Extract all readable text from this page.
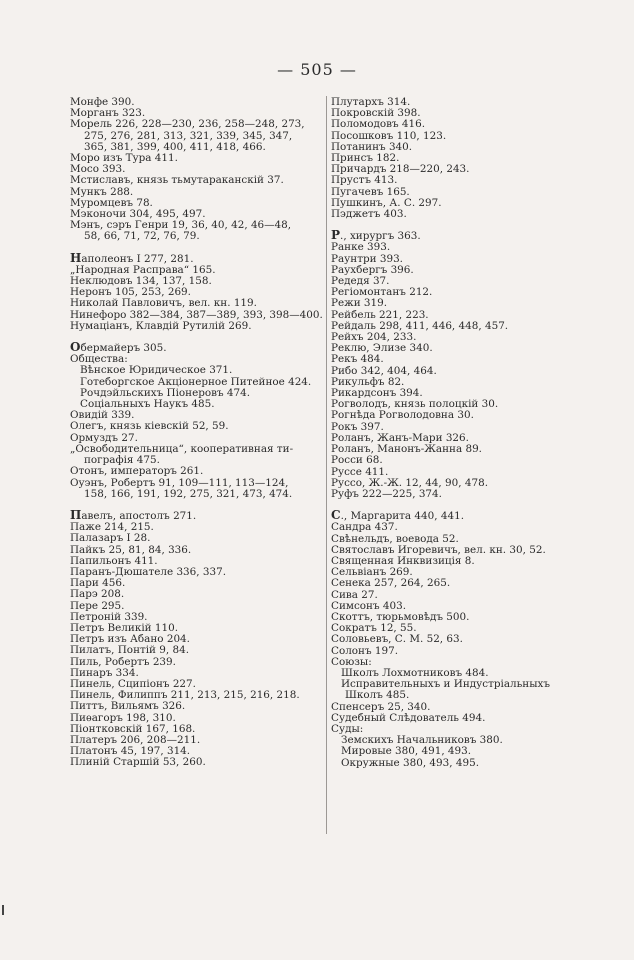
— 505 —
Монфе 390.
Морганъ 323.
Морель 226, 228—230, 236, 258—248, 273,
275, 276, 281, 313, 321, 339, 345, 347,
365, 381, 399, 400, 411, 418, 466.
Моро изъ Тура 411.
Мосо 393.
Мстиславъ, князь тьмутараканскій 37.
Мункъ 288.
Муромцевъ 78.
Мэконочи 304, 495, 497.
Мэнъ, сэръ Генри 19, 36, 40, 42, 46—48,
58, 66, 71, 72, 76, 79.
Наполеонъ I 277, 281.
„Народная Расправа“ 165.
Неклюдовъ 134, 137, 158.
Неронъ 105, 253, 269.
Николай Павловичъ, вел. кн. 119.
Нинефоро 382—384, 387—389, 393, 398—400.
Нумаціанъ, Клавдій Рутилій 269.
Обермайеръ 305.
Общества:
Вѣнское Юридическое 371.
Готеборгское Акціонерное Питейное 424.
Рочдэйльскихъ Піонеровъ 474.
Соціальныхъ Наукъ 485.
Овидій 339.
Олегъ, князь кіевскій 52, 59.
Ормуздъ 27.
„Освободительница“, кооперативная ти-
пографія 475.
Отонъ, императоръ 261.
Оуэнъ, Робертъ 91, 109—111, 113—124,
158, 166, 191, 192, 275, 321, 473, 474.
Павелъ, апостолъ 271.
Паже 214, 215.
Палазаръ I 28.
Пайкъ 25, 81, 84, 336.
Папильонъ 411.
Паранъ-Дюшателе 336, 337.
Пари 456.
Парэ 208.
Пере 295.
Петроній 339.
Петръ Великій 110.
Петръ изъ Абано 204.
Пилатъ, Понтій 9, 84.
Пиль, Робертъ 239.
Пинаръ 334.
Пинель, Сципіонъ 227.
Пинель, Филиппъ 211, 213, 215, 216, 218.
Питтъ, Вильямъ 326.
Пиѳагоръ 198, 310.
Піонтковскій 167, 168.
Платеръ 206, 208—211.
Платонъ 45, 197, 314.
Плиній Старшій 53, 260.
Плутархъ 314.
Покровскій 398.
Поломодовъ 416.
Посошковъ 110, 123.
Потанинъ 340.
Принсъ 182.
Причардъ 218—220, 243.
Прустъ 413.
Пугачевъ 165.
Пушкинъ, А. С. 297.
Пэджетъ 403.
Р., хирургъ 363.
Ранке 393.
Раунтри 393.
Раухбергъ 396.
Редедя 37.
Регіомонтанъ 212.
Режи 319.
Рейбель 221, 223.
Рейдаль 298, 411, 446, 448, 457.
Рейхъ 204, 233.
Реклю, Элизе 340.
Рекъ 484.
Рибо 342, 404, 464.
Рикульфъ 82.
Рикардсонъ 394.
Рогволодъ, князь полоцкій 30.
Рогнѣда Рогволодовна 30.
Рокъ 397.
Роланъ, Жанъ-Мари 326.
Роланъ, Манонъ-Жанна 89.
Росси 68.
Руссе 411.
Руссо, Ж.-Ж. 12, 44, 90, 478.
Руфъ 222—225, 374.
С., Маргарита 440, 441.
Сандра 437.
Свѣнельдъ, воевода 52.
Святославъ Игоревичъ, вел. кн. 30, 52.
Священная Инквизиція 8.
Сельвіанъ 269.
Сенека 257, 264, 265.
Сива 27.
Симсонъ 403.
Скоттъ, тюрьмовѣдъ 500.
Сократъ 12, 55.
Соловьевъ, С. М. 52, 63.
Солонъ 197.
Союзы:
Школъ Лохмотниковъ 484.
Исправительныхъ и Индустріальныхъ
Школъ 485.
Спенсеръ 25, 340.
Судебный Слѣдователь 494.
Суды:
Земскихъ Начальниковъ 380.
Мировые 380, 491, 493.
Окружные 380, 493, 495.
